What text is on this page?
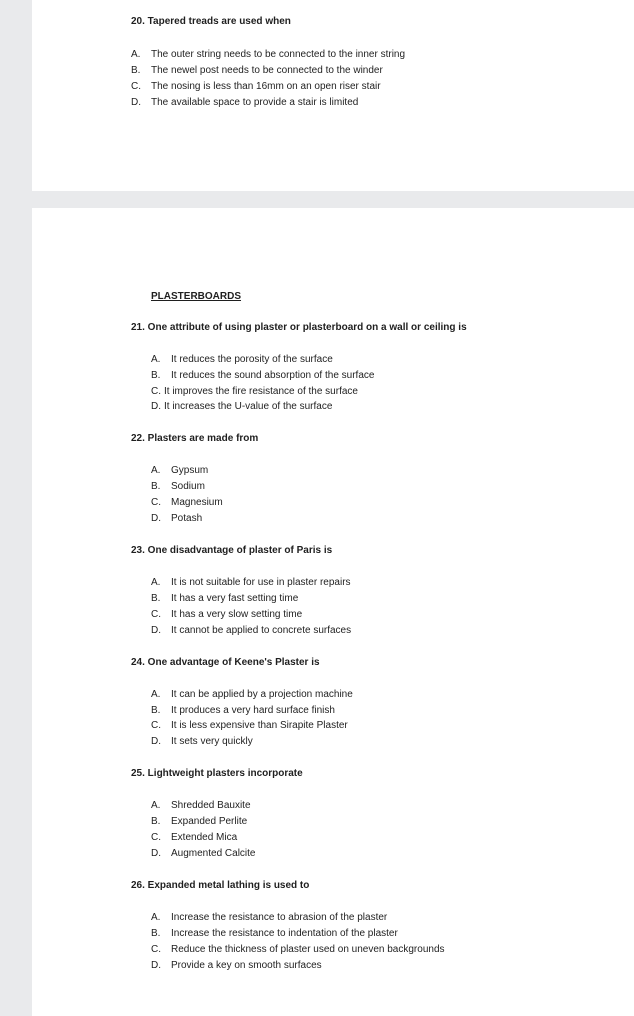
20. Tapered treads are used when
A. The outer string needs to be connected to the inner string
B. The newel post needs to be connected to the winder
C. The nosing is less than 16mm on an open riser stair
D. The available space to provide a stair is limited
PLASTERBOARDS
21. One attribute of using plaster or plasterboard on a wall or ceiling is
A. It reduces the porosity of the surface
B. It reduces the sound absorption of the surface
C. It improves the fire resistance of the surface
D. It increases the U-value of the surface
22. Plasters are made from
A. Gypsum
B. Sodium
C. Magnesium
D. Potash
23. One disadvantage of plaster of Paris is
A. It is not suitable for use in plaster repairs
B. It has a very fast setting time
C. It has a very slow setting time
D. It cannot be applied to concrete surfaces
24. One advantage of Keene's Plaster is
A. It can be applied by a projection machine
B. It produces a very hard surface finish
C. It is less expensive than Sirapite Plaster
D. It sets very quickly
25. Lightweight plasters incorporate
A. Shredded Bauxite
B. Expanded Perlite
C. Extended Mica
D. Augmented Calcite
26. Expanded metal lathing is used to
A. Increase the resistance to abrasion of the plaster
B. Increase the resistance to indentation of the plaster
C. Reduce the thickness of plaster used on uneven backgrounds
D. Provide a key on smooth surfaces
